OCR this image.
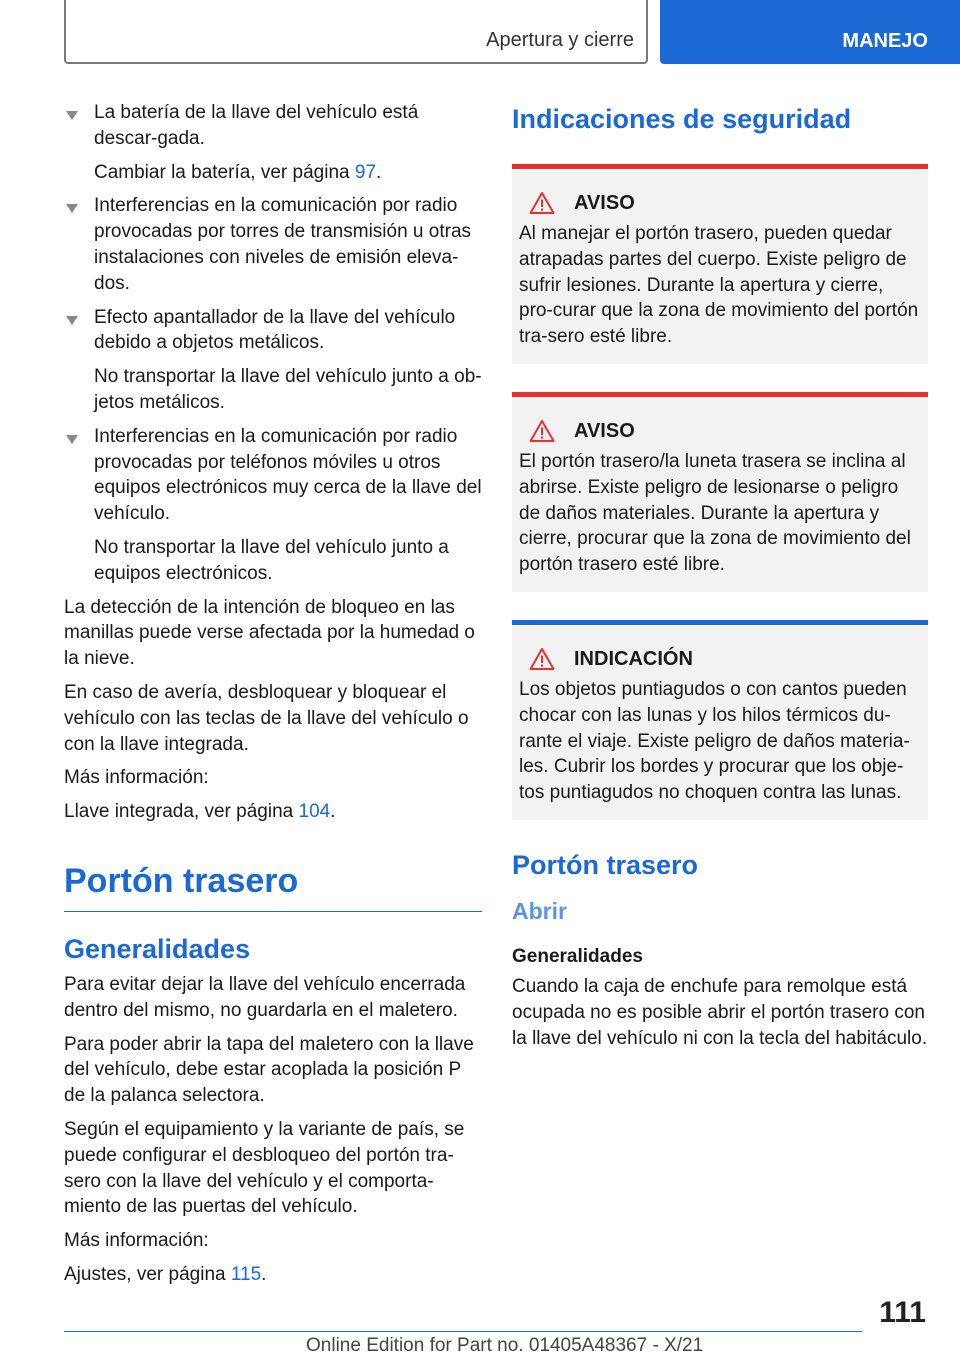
Apertura y cierre	MANEJO

La batería de la llave del vehículo está descar-gada.

Cambiar la batería, ver página 97.

Interferencias en la comunicación por radio provocadas por torres de transmisión u otras instalaciones con niveles de emisión eleva-dos.

Efecto apantallador de la llave del vehículo debido a objetos metálicos.

No transportar la llave del vehículo junto a ob-jetos metálicos.

Interferencias en la comunicación por radio provocadas por teléfonos móviles u otros equipos electrónicos muy cerca de la llave del vehículo.

No transportar la llave del vehículo junto a equipos electrónicos.

La detección de la intención de bloqueo en las manillas puede verse afectada por la humedad o la nieve.

En caso de avería, desbloquear y bloquear el vehículo con las teclas de la llave del vehículo o con la llave integrada.

Más información:

Llave integrada, ver página 104.

Portón trasero
Generalidades

Para evitar dejar la llave del vehículo encerrada dentro del mismo, no guardarla en el maletero.

Para poder abrir la tapa del maletero con la llave del vehículo, debe estar acoplada la posición P de la palanca selectora.

Según el equipamiento y la variante de país, se puede configurar el desbloqueo del portón tra-sero con la llave del vehículo y el comporta-miento de las puertas del vehículo.

Más información:

Ajustes, ver página 115.

Indicaciones de seguridad
AVISO

Al manejar el portón trasero, pueden quedar atrapadas partes del cuerpo. Existe peligro de sufrir lesiones. Durante la apertura y cierre, pro-curar que la zona de movimiento del portón tra-sero esté libre.

AVISO

El portón trasero/la luneta trasera se inclina al abrirse. Existe peligro de lesionarse o peligro de daños materiales. Durante la apertura y cierre, procurar que la zona de movimiento del portón trasero esté libre.

INDICACIÓN

Los objetos puntiagudos o con cantos pueden chocar con las lunas y los hilos térmicos du-rante el viaje. Existe peligro de daños materia-les. Cubrir los bordes y procurar que los obje-tos puntiagudos no choquen contra las lunas.

Portón trasero
Abrir
Generalidades

Cuando la caja de enchufe para remolque está ocupada no es posible abrir el portón trasero con la llave del vehículo ni con la tecla del habitáculo.

111
Online Edition for Part no. 01405A48367 - X/21
